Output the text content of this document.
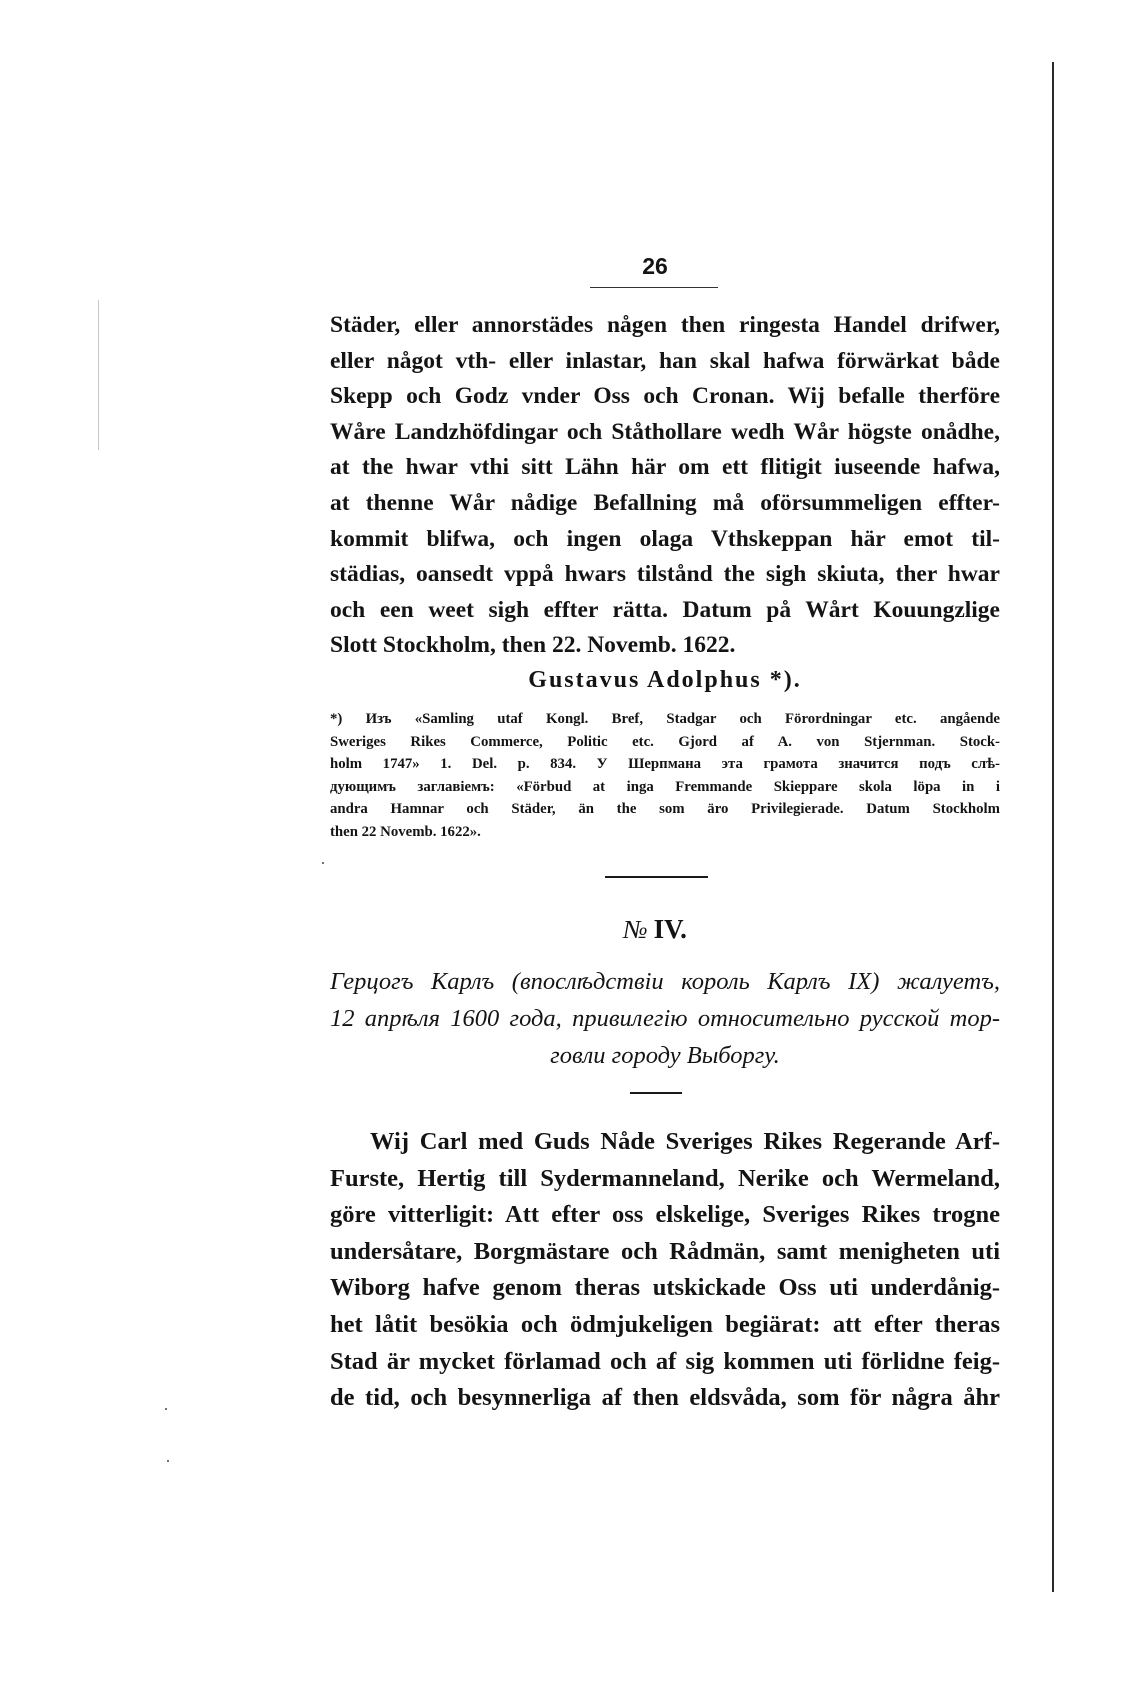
26
Städer, eller annorstädes någen then ringesta Handel drifwer,
eller något vth- eller inlastar, han skal hafwa förwärkat både
Skepp och Godz vnder Oss och Cronan. Wij befalle therföre
Wåre Landzhöfdingar och Ståthollare wedh Wår högste onådhe,
at the hwar vthi sitt Lähn här om ett flitigit iuseende hafwa,
at thenne Wår nådige Befallning må oförsummeligen effter-
kommit blifwa, och ingen olaga Vthskeppan här emot til-
städias, oansedt vppå hwars tilstånd the sigh skiuta, ther hwar
och een weet sigh effter rätta. Datum på Wårt Kouungzlige
Slott Stockholm, then 22. Novemb. 1622.
Gustavus Adolphus *).
*) Изъ «Samling utaf Kongl. Bref, Stadgar och Förordningar etc. angående
Sweriges Rikes Commerce, Politic etc. Gjord af A. von Stjernman. Stock-
holm 1747» 1. Del. p. 834. У Шерпмана эта грамота значится подъ слѣ-
дующимъ заглавіемъ: «Förbud at inga Fremmande Skieppare skola löpa in i
andra Hamnar och Städer, än the som äro Privilegierade. Datum Stockholm
then 22 Novemb. 1622».
№ IV.
Герцогъ Карлъ (впослѣдствіи король Карлъ IX) жалуетъ,
12 апрѣля 1600 года, привилегію относительно русской тор-
говли городу Выборгу.
Wij Carl med Guds Nåde Sveriges Rikes Regerande Arf-
Furste, Hertig till Sydermanneland, Nerike och Wermeland,
göre vitterligit: Att efter oss elskelige, Sveriges Rikes trogne
undersåtare, Borgmästare och Rådmän, samt menigheten uti
Wiborg hafve genom theras utskickade Oss uti underdånig-
het låtit besökia och ödmjukeligen begiärat: att efter theras
Stad är mycket förlamad och af sig kommen uti förlidne feig-
de tid, och besynnerliga af then eldsvåda, som för några åhr
